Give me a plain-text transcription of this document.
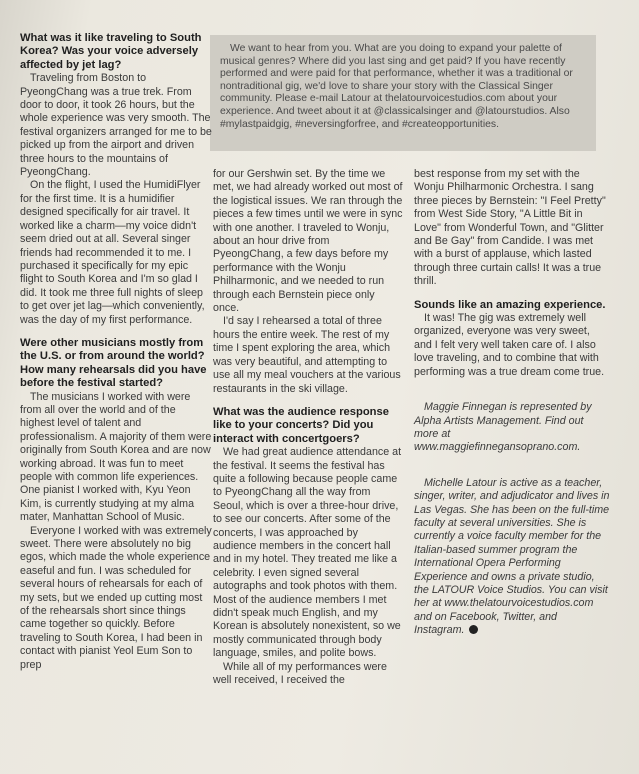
We want to hear from you. What are you doing to expand your palette of musical genres? Where did you last sing and get paid? If you have recently performed and were paid for that performance, whether it was a traditional or nontraditional gig, we'd love to share your story with the Classical Singer community. Please e-mail Latour at thelatourvoicestudios.com about your experience. And tweet about it at @classicalsinger and @latourstudios. Also #mylastpaidgig, #neversingforfree, and #createopportunities.

What was it like traveling to South Korea? Was your voice adversely affected by jet lag?

Traveling from Boston to PyeongChang was a true trek. From door to door, it took 26 hours, but the whole experience was very smooth. The festival organizers arranged for me to be picked up from the airport and driven three hours to the mountains of PyeongChang.

On the flight, I used the HumidiFlyer for the first time. It is a humidifier designed specifically for air travel. It worked like a charm—my voice didn't seem dried out at all. Several singer friends had recommended it to me. I purchased it specifically for my epic flight to South Korea and I'm so glad I did. It took me three full nights of sleep to get over jet lag—which conveniently, was the day of my first performance.

Were other musicians mostly from the U.S. or from around the world? How many rehearsals did you have before the festival started?

The musicians I worked with were from all over the world and of the highest level of talent and professionalism. A majority of them were originally from South Korea and are now working abroad. It was fun to meet people with common life experiences. One pianist I worked with, Kyu Yeon Kim, is currently studying at my alma mater, Manhattan School of Music.

Everyone I worked with was extremely sweet. There were absolutely no big egos, which made the whole experience easeful and fun. I was scheduled for several hours of rehearsals for each of my sets, but we ended up cutting most of the rehearsals short since things came together so quickly. Before traveling to South Korea, I had been in contact with pianist Yeol Eum Son to prep

for our Gershwin set. By the time we met, we had already worked out most of the logistical issues. We ran through the pieces a few times until we were in sync with one another. I traveled to Wonju, about an hour drive from PyeongChang, a few days before my performance with the Wonju Philharmonic, and we needed to run through each Bernstein piece only once.

I'd say I rehearsed a total of three hours the entire week. The rest of my time I spent exploring the area, which was very beautiful, and attempting to use all my meal vouchers at the various restaurants in the ski village.

What was the audience response like to your concerts? Did you interact with concertgoers?

We had great audience attendance at the festival. It seems the festival has quite a following because people came to PyeongChang all the way from Seoul, which is over a three-hour drive, to see our concerts. After some of the concerts, I was approached by audience members in the concert hall and in my hotel. They treated me like a celebrity. I even signed several autographs and took photos with them. Most of the audience members I met didn't speak much English, and my Korean is absolutely nonexistent, so we mostly communicated through body language, smiles, and polite bows.

While all of my performances were well received, I received the

best response from my set with the Wonju Philharmonic Orchestra. I sang three pieces by Bernstein: "I Feel Pretty" from West Side Story, "A Little Bit in Love" from Wonderful Town, and "Glitter and Be Gay" from Candide. I was met with a burst of applause, which lasted through three curtain calls! It was a true thrill.

Sounds like an amazing experience.

It was! The gig was extremely well organized, everyone was very sweet, and I felt very well taken care of. I also love traveling, and to combine that with performing was a true dream come true.

Maggie Finnegan is represented by Alpha Artists Management. Find out more at www.maggiefinnegansoprano.com.

Michelle Latour is active as a teacher, singer, writer, and adjudicator and lives in Las Vegas. She has been on the full-time faculty at several universities. She is currently a voice faculty member for the Italian-based summer program the International Opera Performing Experience and owns a private studio, the LATOUR Voice Studios. You can visit her at www.thelatourvoicestudios.com and on Facebook, Twitter, and Instagram.
